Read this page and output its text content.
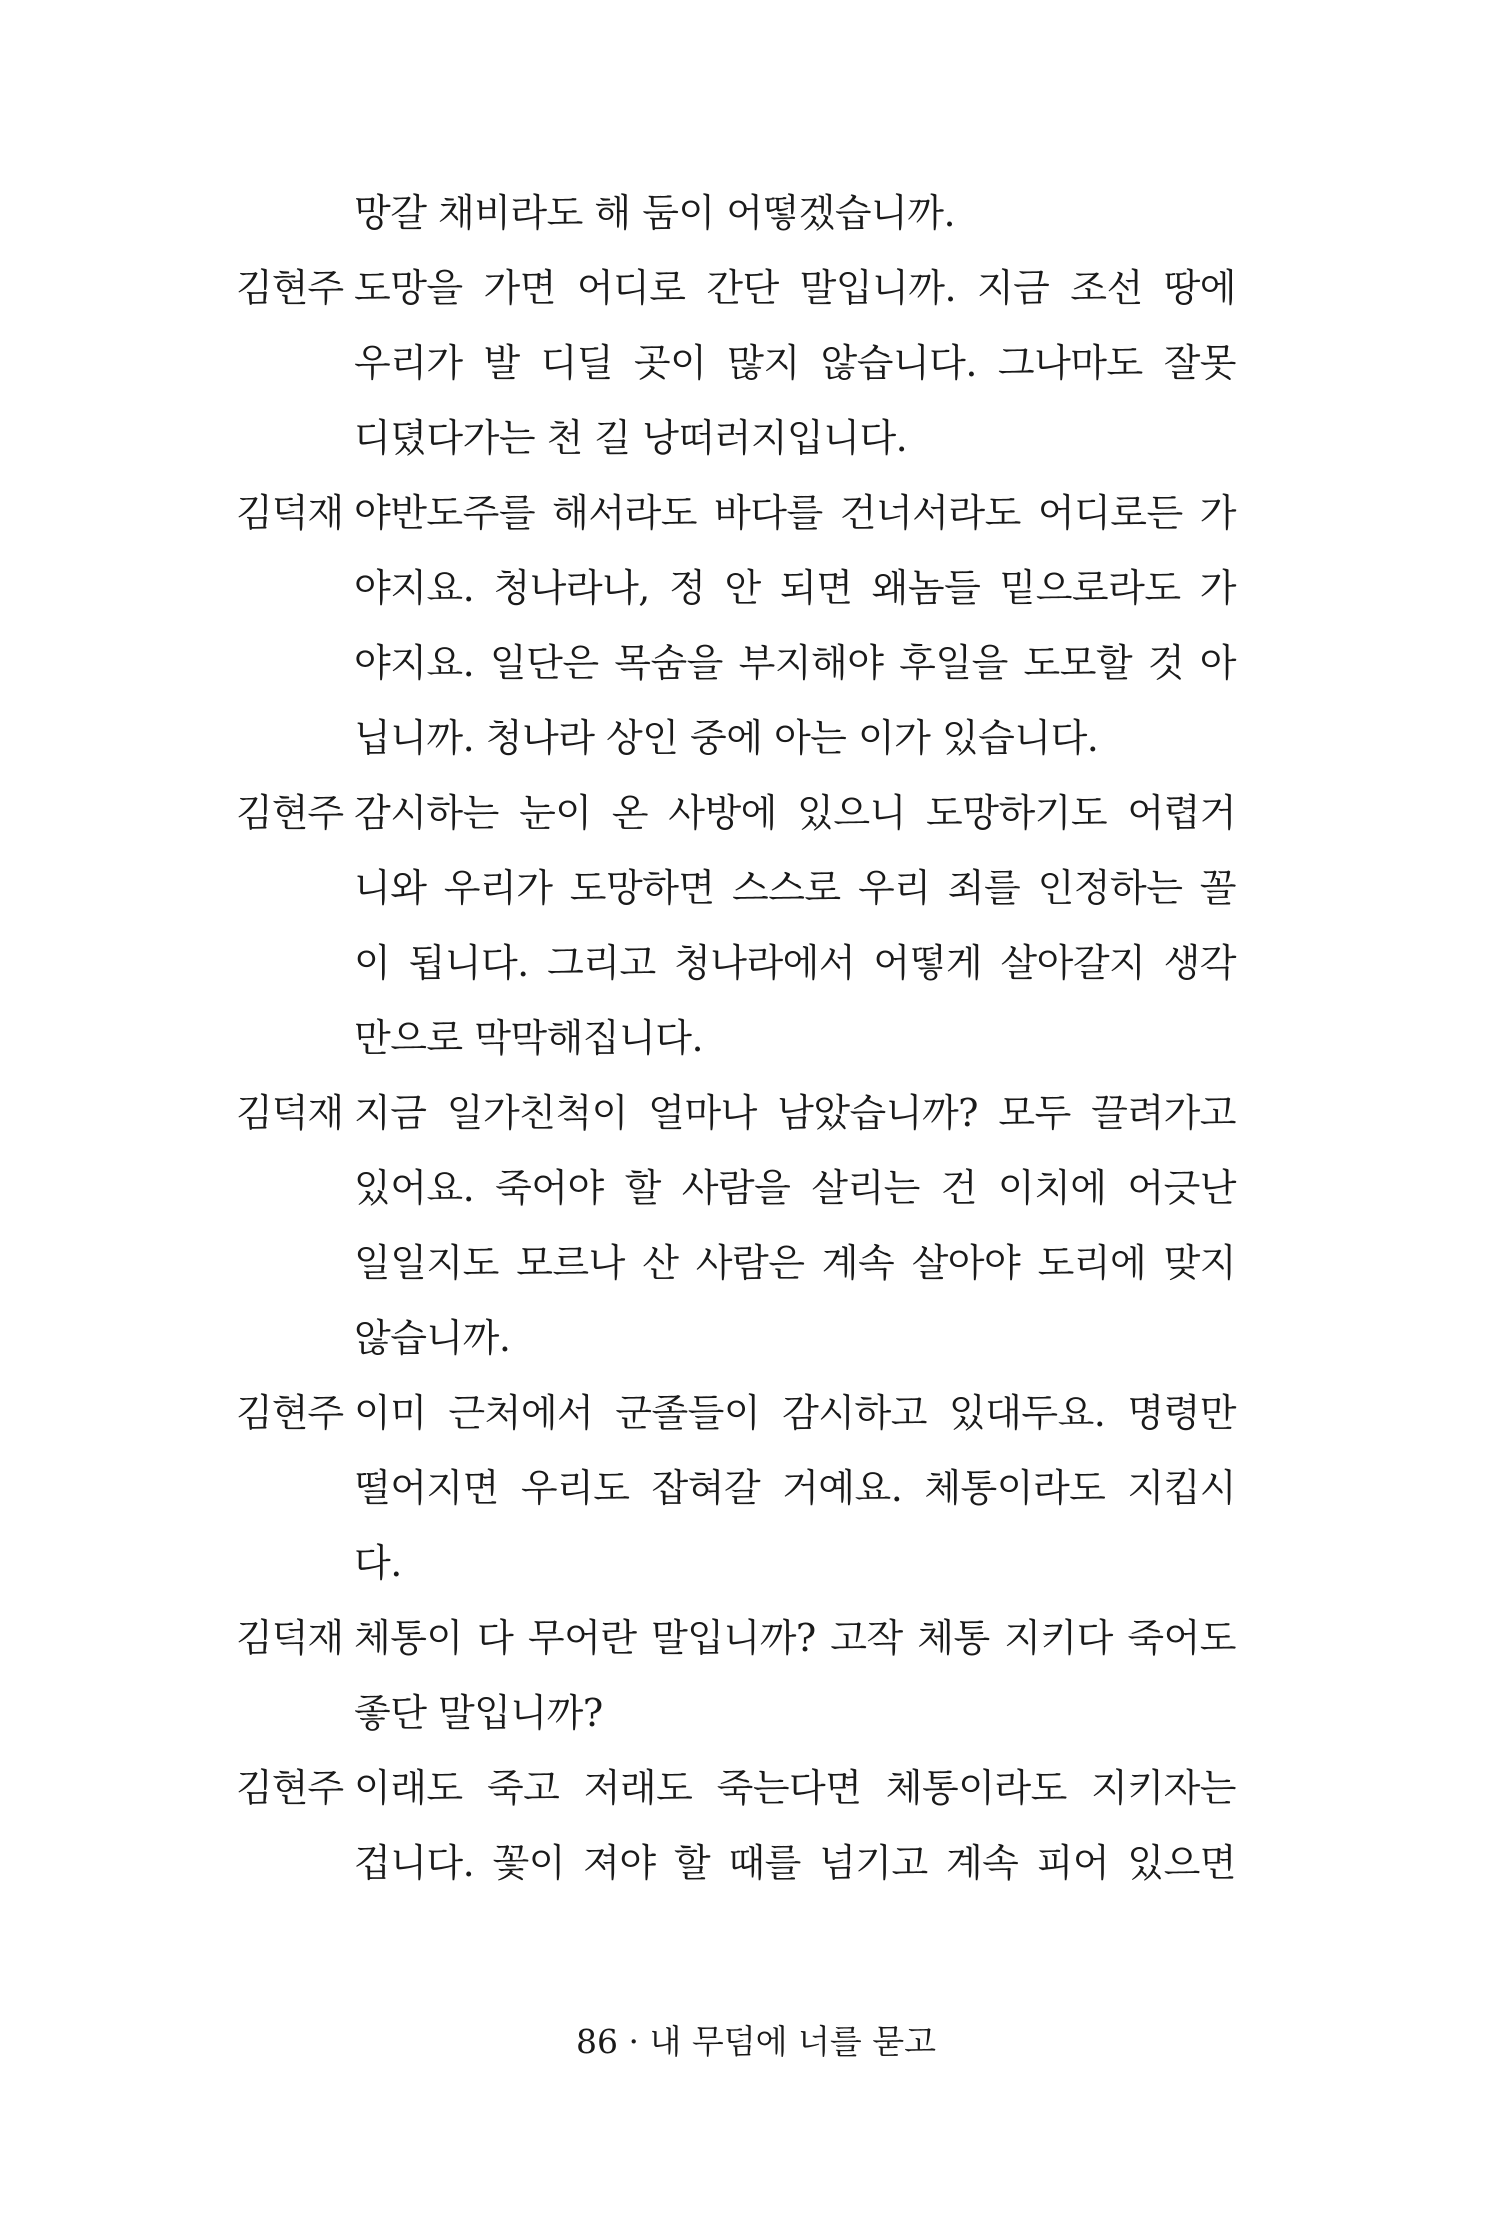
망갈 채비라도 해 둠이 어떻겠습니까.
김현주 도망을 가면 어디로 간단 말입니까. 지금 조선 땅에
우리가 발 디딜 곳이 많지 않습니다. 그나마도 잘못
디뎠다가는 천 길 낭떠러지입니다.
김덕재 야반도주를 해서라도 바다를 건너서라도 어디로든 가
야지요. 청나라나, 정 안 되면 왜놈들 밑으로라도 가
야지요. 일단은 목숨을 부지해야 후일을 도모할 것 아
닙니까. 청나라 상인 중에 아는 이가 있습니다.
김현주 감시하는 눈이 온 사방에 있으니 도망하기도 어렵거
니와 우리가 도망하면 스스로 우리 죄를 인정하는 꼴
이 됩니다. 그리고 청나라에서 어떻게 살아갈지 생각
만으로 막막해집니다.
김덕재 지금 일가친척이 얼마나 남았습니까? 모두 끌려가고
있어요. 죽어야 할 사람을 살리는 건 이치에 어긋난
일일지도 모르나 산 사람은 계속 살아야 도리에 맞지
않습니까.
김현주 이미 근처에서 군졸들이 감시하고 있대두요. 명령만
떨어지면 우리도 잡혀갈 거예요. 체통이라도 지킵시
다.
김덕재 체통이 다 무어란 말입니까? 고작 체통 지키다 죽어도
좋단 말입니까?
김현주 이래도 죽고 저래도 죽는다면 체통이라도 지키자는
겁니다. 꽃이 져야 할 때를 넘기고 계속 피어 있으면
86 · 내 무덤에 너를 묻고
